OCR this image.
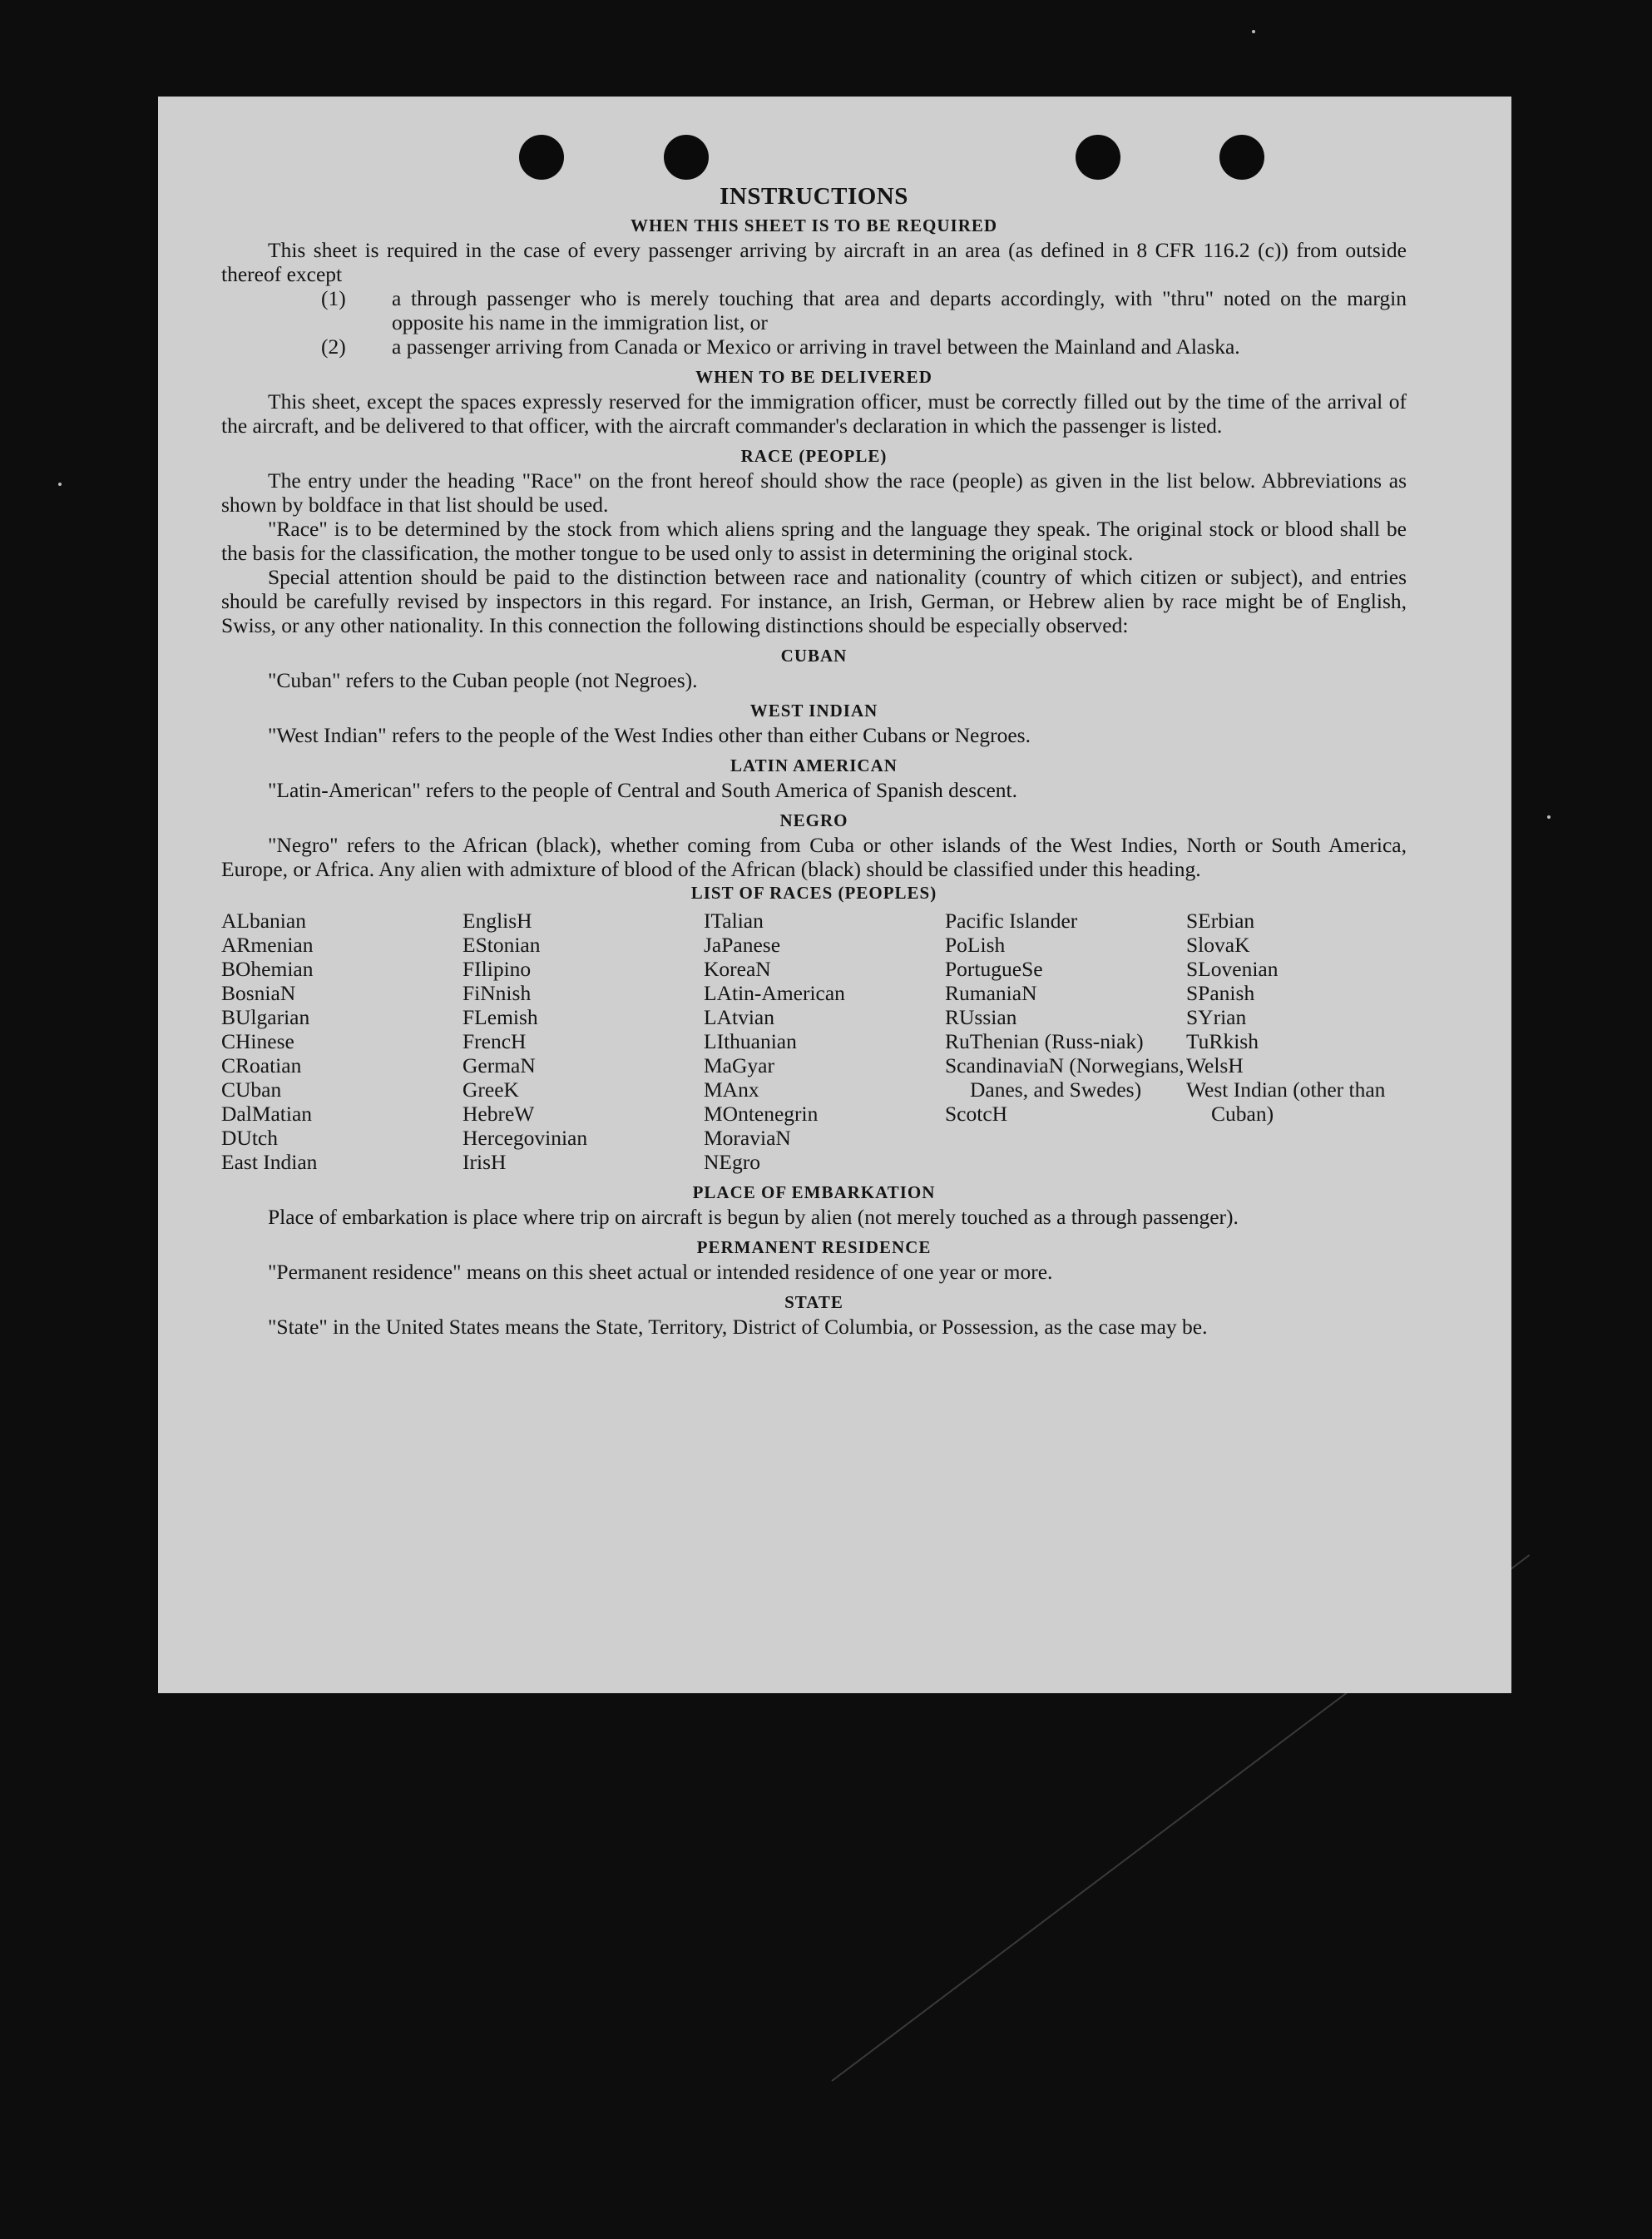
INSTRUCTIONS
WHEN THIS SHEET IS TO BE REQUIRED

This sheet is required in the case of every passenger arriving by aircraft in an area (as defined in 8 CFR 116.2 (c)) from outside thereof except

(1) a through passenger who is merely touching that area and departs accordingly, with "thru" noted on the margin opposite his name in the immigration list, or

(2) a passenger arriving from Canada or Mexico or arriving in travel between the Mainland and Alaska.

WHEN TO BE DELIVERED

This sheet, except the spaces expressly reserved for the immigration officer, must be correctly filled out by the time of the arrival of the aircraft, and be delivered to that officer, with the aircraft commander's declaration in which the passenger is listed.

RACE (PEOPLE)

The entry under the heading "Race" on the front hereof should show the race (people) as given in the list below. Abbreviations as shown by boldface in that list should be used.

"Race" is to be determined by the stock from which aliens spring and the language they speak. The original stock or blood shall be the basis for the classification, the mother tongue to be used only to assist in determining the original stock.

Special attention should be paid to the distinction between race and nationality (country of which citizen or subject), and entries should be carefully revised by inspectors in this regard. For instance, an Irish, German, or Hebrew alien by race might be of English, Swiss, or any other nationality. In this connection the following distinctions should be especially observed:

CUBAN

"Cuban" refers to the Cuban people (not Negroes).

WEST INDIAN

"West Indian" refers to the people of the West Indies other than either Cubans or Negroes.

LATIN AMERICAN

"Latin-American" refers to the people of Central and South America of Spanish descent.

NEGRO

"Negro" refers to the African (black), whether coming from Cuba or other islands of the West Indies, North or South America, Europe, or Africa. Any alien with admixture of blood of the African (black) should be classified under this heading.

LIST OF RACES (PEOPLES)
ALbanian
ARmenian
BOhemian
BosniaN
BUlgarian
CHinese
CRoatian
CUban
DalMatian
DUtch
East Indian
EnglisH
EStonian
FIlipino
FiNnish
FLemish
FrencH
GermaN
GreeK
HebreW
Hercegovinian
IrisH
ITalian
JaPanese
KoreaN
LAtin-American
LAtvian
LIthuanian
MaGyar
MAnx
MOntenegrin
MoraviaN
NEgro
Pacific Islander
PoLish
PortugueSe
RumaniaN
RUssian
RuThenian (Russ-niak)
ScandinaviaN (Norwegians, Danes, and Swedes)
ScotcH
SErbian
SlovaK
SLovenian
SPanish
SYrian
TuRkish
WelsH
West Indian (other than Cuban)
PLACE OF EMBARKATION

Place of embarkation is place where trip on aircraft is begun by alien (not merely touched as a through passenger).

PERMANENT RESIDENCE

"Permanent residence" means on this sheet actual or intended residence of one year or more.

STATE

"State" in the United States means the State, Territory, District of Columbia, or Possession, as the case may be.
